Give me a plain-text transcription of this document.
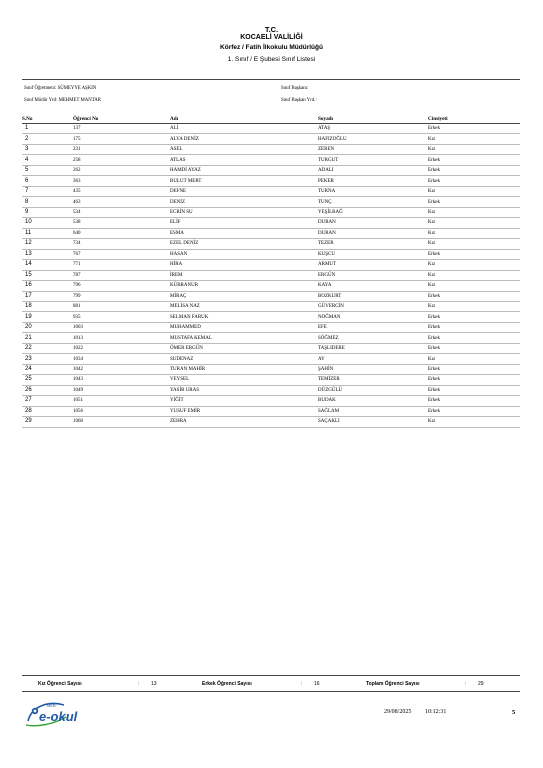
T.C.
KOCAELİ VALİLİĞİ
Körfez / Fatih İlkokulu Müdürlüğü
1. Sınıf / E Şubesi Sınıf Listesi
Sınıf Öğretmeni: SÜMEYYE AŞKIN	Sınıf Başkanı:
Sınıf Müdür Yrd: MEHMET MANTAR	Sınıf Başkan Yrd.:
S.No	Öğrenci No	Adı	Soyadı	Cinsiyeti
1	137	ALİ	ATAŞ	Erkek
2	175	ALYA DENİZ	HAFIZOĞLU	Kız
3	231	ASEL	ZEREN	Kız
4	258	ATLAS	TURGUT	Erkek
5	262	HAMDİ AYAZ	ADALI	Erkek
6	363	BULUT MERT	PEKER	Erkek
7	435	DEFNE	TURNA	Kız
8	463	DENİZ	TUNÇ	Erkek
9	534	ECRİN SU	YEŞİLBAĞ	Kız
10	538	ELİF	DURAN	Kız
11	640	ESMA	DURAN	Kız
12	734	EZEL DENİZ	TEZER	Kız
13	767	HASAN	KUŞCU	Erkek
14	771	HİRA	ARMUT	Kız
15	787	İREM	ERGÜN	Kız
16	796	KÜBRANUR	KAYA	Kız
17	799	MİRAÇ	BOZKURT	Erkek
18	881	MELİSA NAZ	GÜVERCİN	Kız
19	935	SELMAN FARUK	NOĞMAN	Erkek
20	1003	MUHAMMED	EFE	Erkek
21	1013	MUSTAFA KEMAL	SÖĞMEZ	Erkek
22	1022	ÖMER ERGÜN	TAŞLIDERE	Erkek
23	1034	SUDENAZ	AY	Kız
24	1042	TURAN MAHİR	ŞAHİN	Erkek
25	1043	VEYSEL	TEMİZER	Erkek
26	1049	YASİR URAS	DÜZGÜLÜ	Erkek
27	1051	YİĞİT	BUDAK	Erkek
28	1056	YUSUF EMİR	SAĞLAM	Erkek
29	1060	ZEHRA	SAÇAKLI	Kız
Kız Öğrenci Sayısı	: 13	Erkek Öğrenci Sayısı	: 16	Toplam Öğrenci Sayısı	: 29
MEB
e-okul	29/08/2025 10:12:31	5
